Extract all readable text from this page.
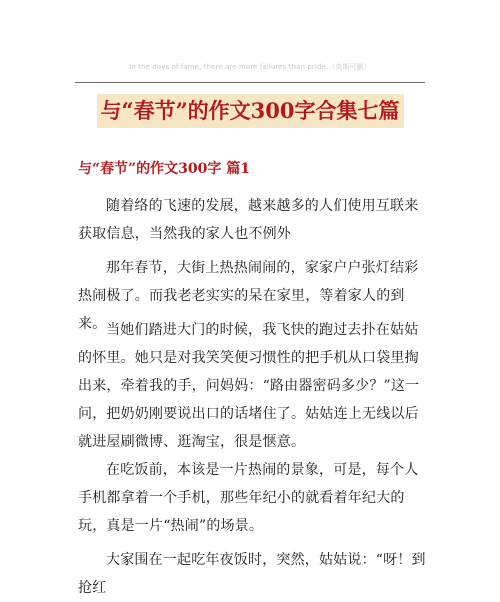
In the days of fame, there are more failures than pride.（奕斯可删）
与“春节”的作文300字合集七篇
与“春节”的作文300字 篇1

随着络的飞速的发展，越来越多的人们使用互联来获取信息，当然我的家人也不例外

那年春节，大街上热热闹闹的，家家户户张灯结彩热闹极了。而我老老实实的呆在家里，等着家人的到来。 当她们踏进大门的时候，我飞快的跑过去扑在姑姑的怀里。她只是对我笑笑便习惯性的把手机从口袋里掏出来，牵着我的手，问妈妈：“路由器密码多少？”这一问，把奶奶刚要说出口的话堵住了。姑姑连上无线以后就进屋刷微博、逛淘宝，很是惬意。

在吃饭前，本该是一片热闹的景象，可是，每个人手机都拿着一个手机，那些年纪小的就看着年纪大的玩，真是一片“热闹”的场景。

大家围在一起吃年夜饭时，突然，姑姑说：“呀！到抢红
